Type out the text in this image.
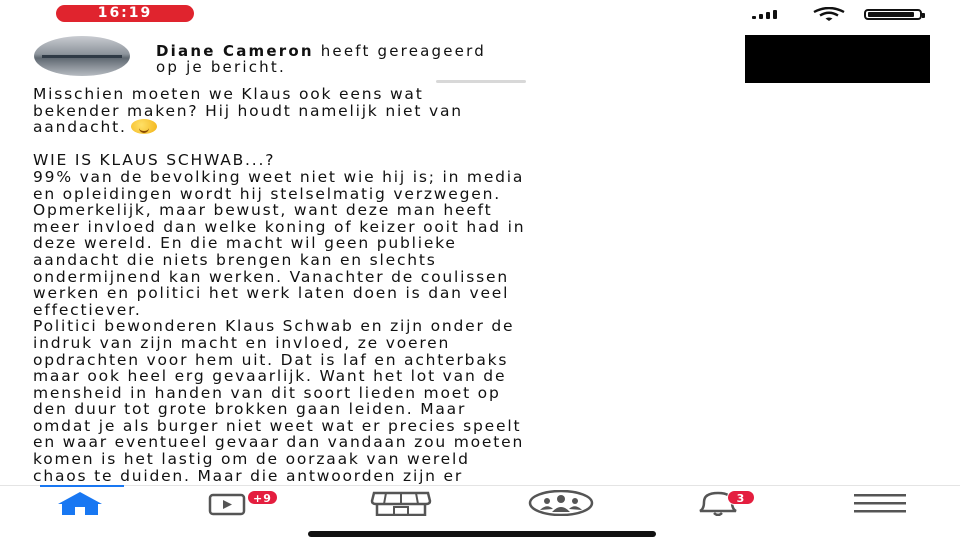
16:19
Diane Cameron heeft gereageerd
op je bericht.

Misschien moeten we Klaus ook eens wat

bekender maken? Hij houdt namelijk niet van

aandacht.

WIE IS KLAUS SCHWAB...?

99% van de bevolking weet niet wie hij is; in media

en opleidingen wordt hij stelselmatig verzwegen.

Opmerkelijk, maar bewust, want deze man heeft

meer invloed dan welke koning of keizer ooit had in

deze wereld. En die macht wil geen publieke

aandacht die niets brengen kan en slechts

ondermijnend kan werken. Vanachter de coulissen

werken en politici het werk laten doen is dan veel

effectiever.

Politici bewonderen Klaus Schwab en zijn onder de

indruk van zijn macht en invloed, ze voeren

opdrachten voor hem uit. Dat is laf en achterbaks

maar ook heel erg gevaarlijk. Want het lot van de

mensheid in handen van dit soort lieden moet op

den duur tot grote brokken gaan leiden. Maar

omdat je als burger niet weet wat er precies speelt

en waar eventueel gevaar dan vandaan zou moeten

komen is het lastig om de oorzaak van wereld

chaos te duiden. Maar die antwoorden zijn er

+9	3
